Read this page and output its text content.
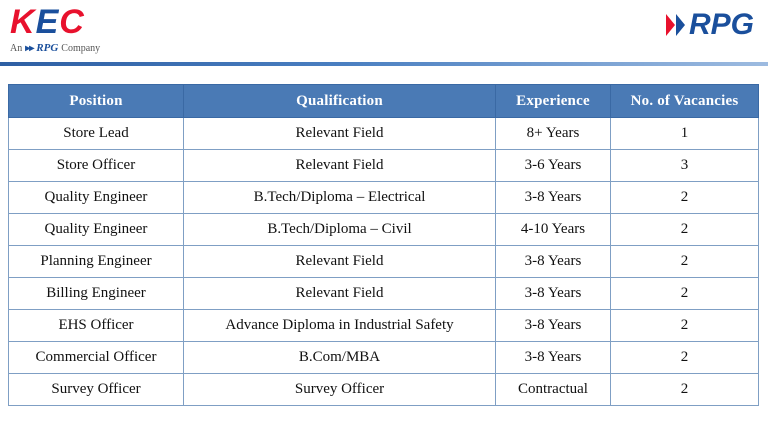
K E C
An ▸▸ RPG Company
RPG
Position	Qualification	Experience	No. of Vacancies
Store Lead	Relevant Field	8+ Years	1
Store Officer	Relevant Field	3-6 Years	3
Quality Engineer	B.Tech/Diploma – Electrical	3-8 Years	2
Quality Engineer	B.Tech/Diploma – Civil	4-10 Years	2
Planning Engineer	Relevant Field	3-8 Years	2
Billing Engineer	Relevant Field	3-8 Years	2
EHS Officer	Advance Diploma in Industrial Safety	3-8 Years	2
Commercial Officer	B.Com/MBA	3-8 Years	2
Survey Officer	Survey Officer	Contractual	2
